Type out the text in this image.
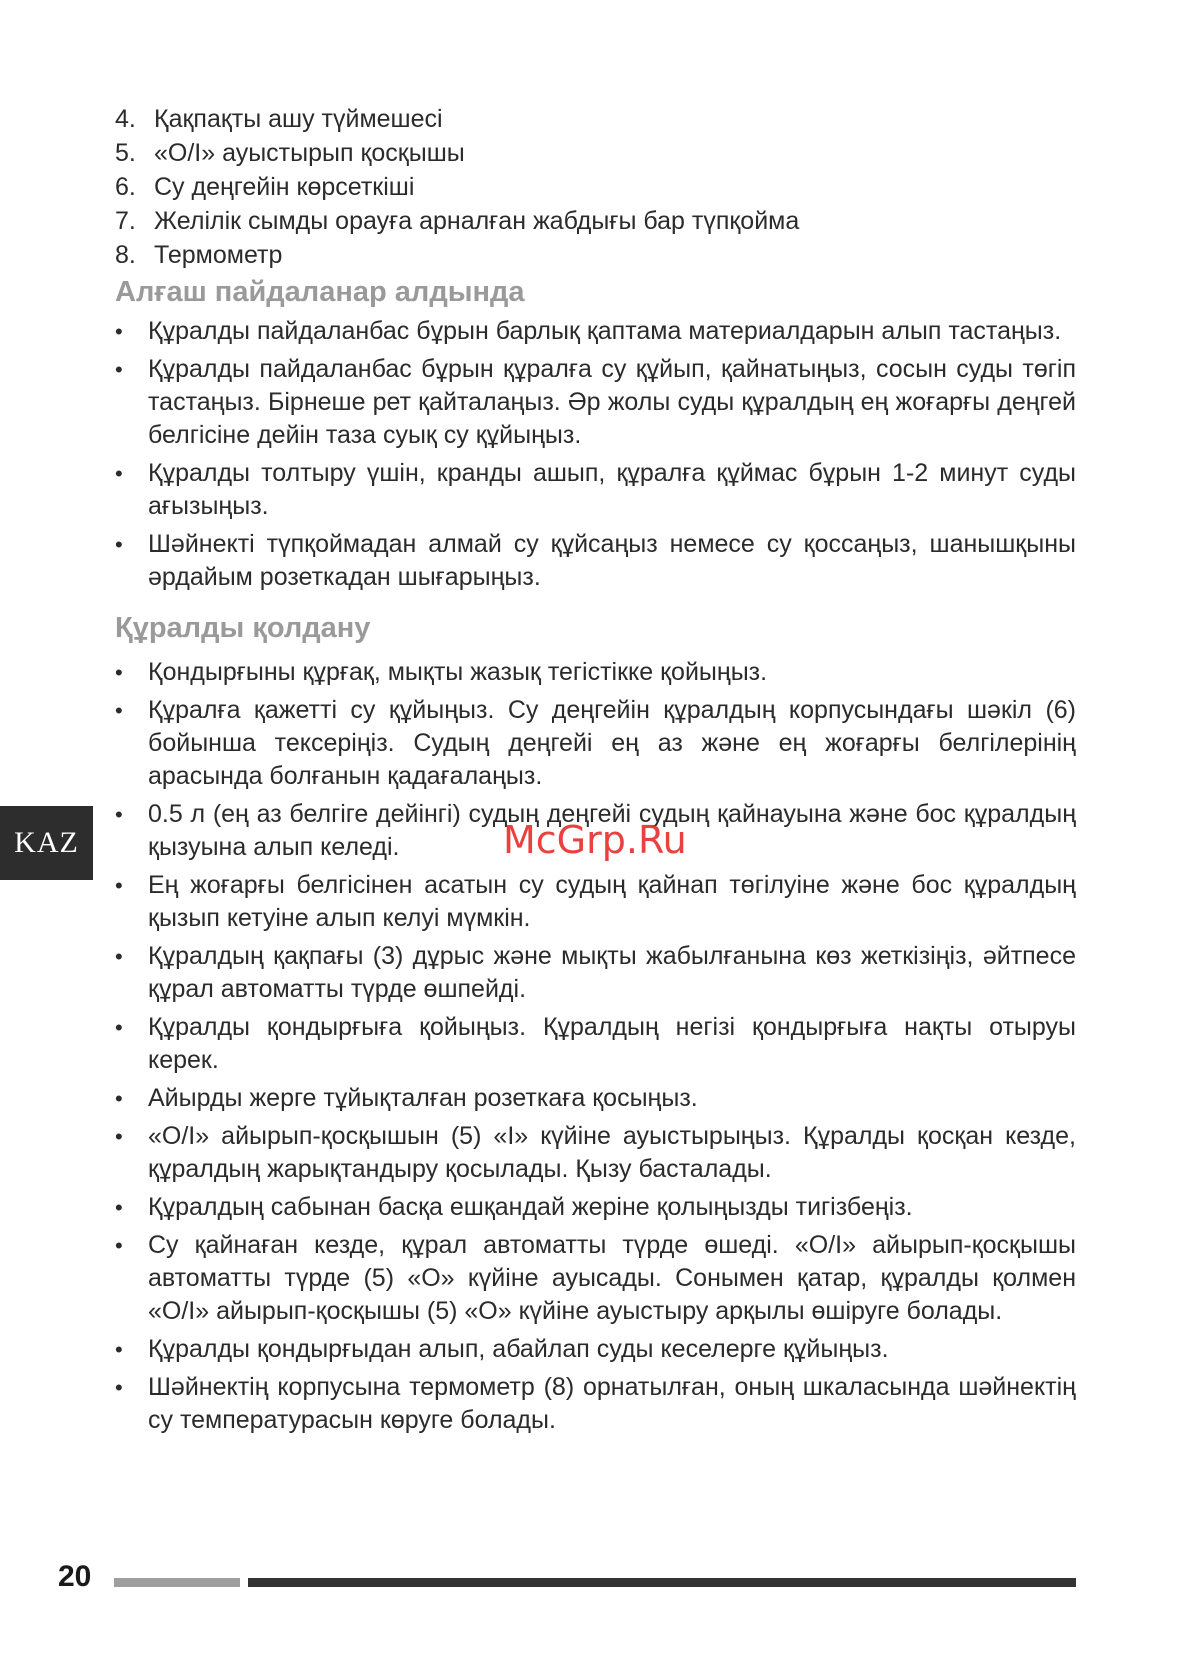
4. Қақпақты ашу түймешесі
5. «O/I» ауыстырып қосқышы
6. Су деңгейін көрсеткіші
7. Желілік сымды орауға арналған жабдығы бар түпқойма
8. Термометр
Алғаш пайдаланар алдында
•	Құралды пайдаланбас бұрын барлық қаптама материалдарын алып тастаңыз.
•	Құралды пайдаланбас бұрын құралға су құйып, қайнатыңыз, сосын суды төгіп тастаңыз. Бірнеше рет қайталаңыз. Әр жолы суды құралдың ең жоғарғы деңгей белгісіне дейін таза суық су құйыңыз.
•	Құралды толтыру үшін, кранды ашып, құралға құймас бұрын 1-2 минут суды ағызыңыз.
•	Шәйнекті түпқоймадан алмай су құйсаңыз немесе су қоссаңыз, шанышқыны әрдайым розеткадан шығарыңыз.
Құралды қолдану
•	Қондырғыны құрғақ, мықты жазық тегістікке қойыңыз.
•	Құралға қажетті су құйыңыз. Су деңгейін құралдың корпусындағы шәкіл (6) бойынша тексеріңіз. Судың деңгейі ең аз және ең жоғарғы белгілерінің арасында болғанын қадағалаңыз.
•	0.5 л (ең аз белгіге дейінгі) судың деңгейі судың қайнауына және бос құралдың қызуына алып келеді.
•	Ең жоғарғы белгісінен асатын су судың қайнап төгілуіне және бос құралдың қызып кетуіне алып келуі мүмкін.
•	Құралдың қақпағы (3) дұрыс және мықты жабылғанына көз жеткізіңіз, әйтпесе құрал автоматты түрде өшпейді.
•	Құралды қондырғыға қойыңыз. Құралдың негізі қондырғыға нақты отыруы керек.
•	Айырды жерге тұйықталған розеткаға қосыңыз.
•	«O/I» айырып-қосқышын (5) «I» күйіне ауыстырыңыз. Құралды қосқан кезде, құралдың жарықтандыру қосылады. Қызу басталады.
•	Құралдың сабынан басқа ешқандай жеріне қолыңызды тигізбеңіз.
•	Су қайнаған кезде, құрал автоматты түрде өшеді. «O/I» айырып-қосқышы автоматты түрде (5) «O» күйіне ауысады. Сонымен қатар, құралды қолмен «O/I» айырып-қосқышы (5) «O» күйіне ауыстыру арқылы өшіруге болады.
•	Құралды қондырғыдан алып, абайлап суды кеселерге құйыңыз.
•	Шәйнектің корпусына термометр (8) орнатылған, оның шкаласында шәйнектің су температурасын көруге болады.
KAZ	McGrp.Ru
20
